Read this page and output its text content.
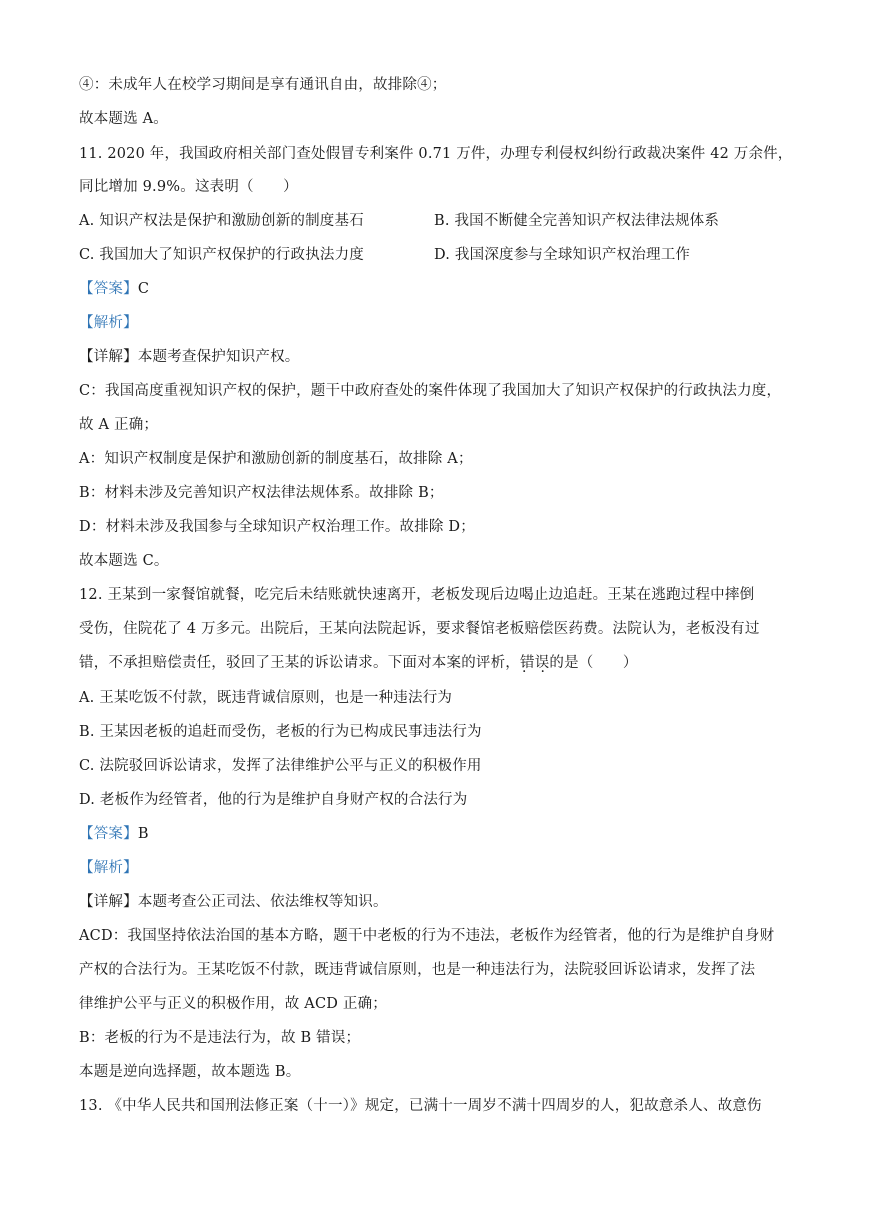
④：未成年人在校学习期间是享有通讯自由，故排除④；
故本题选 A。
11. 2020 年，我国政府相关部门查处假冒专利案件 0.71 万件，办理专利侵权纠纷行政裁决案件 42 万余件，
同比增加 9.9%。这表明（　　）
A. 知识产权法是保护和激励创新的制度基石	B. 我国不断健全完善知识产权法律法规体系
C. 我国加大了知识产权保护的行政执法力度	D. 我国深度参与全球知识产权治理工作
【答案】C
【解析】
【详解】本题考查保护知识产权。
C：我国高度重视知识产权的保护，题干中政府查处的案件体现了我国加大了知识产权保护的行政执法力度，
故 A 正确；
A：知识产权制度是保护和激励创新的制度基石，故排除 A；
B：材料未涉及完善知识产权法律法规体系。故排除 B；
D：材料未涉及我国参与全球知识产权治理工作。故排除 D；
故本题选 C。
12. 王某到一家餐馆就餐，吃完后未结账就快速离开，老板发现后边喝止边追赶。王某在逃跑过程中摔倒
受伤，住院花了 4 万多元。出院后，王某向法院起诉，要求餐馆老板赔偿医药费。法院认为，老板没有过
错，不承担赔偿责任，驳回了王某的诉讼请求。下面对本案的评析，错误 · ·的是（　　）
A. 王某吃饭不付款，既违背诚信原则，也是一种违法行为
B. 王某因老板的追赶而受伤，老板的行为已构成民事违法行为
C. 法院驳回诉讼请求，发挥了法律维护公平与正义的积极作用
D. 老板作为经管者，他的行为是维护自身财产权的合法行为
【答案】B
【解析】
【详解】本题考查公正司法、依法维权等知识。
ACD：我国坚持依法治国的基本方略，题干中老板的行为不违法，老板作为经管者，他的行为是维护自身财
产权的合法行为。王某吃饭不付款，既违背诚信原则，也是一种违法行为，法院驳回诉讼请求，发挥了法
律维护公平与正义的积极作用，故 ACD 正确；
B：老板的行为不是违法行为，故 B 错误；
本题是逆向选择题，故本题选 B。
13. 《中华人民共和国刑法修正案（十一）》规定，已满十一周岁不满十四周岁的人，犯故意杀人、故意伤
